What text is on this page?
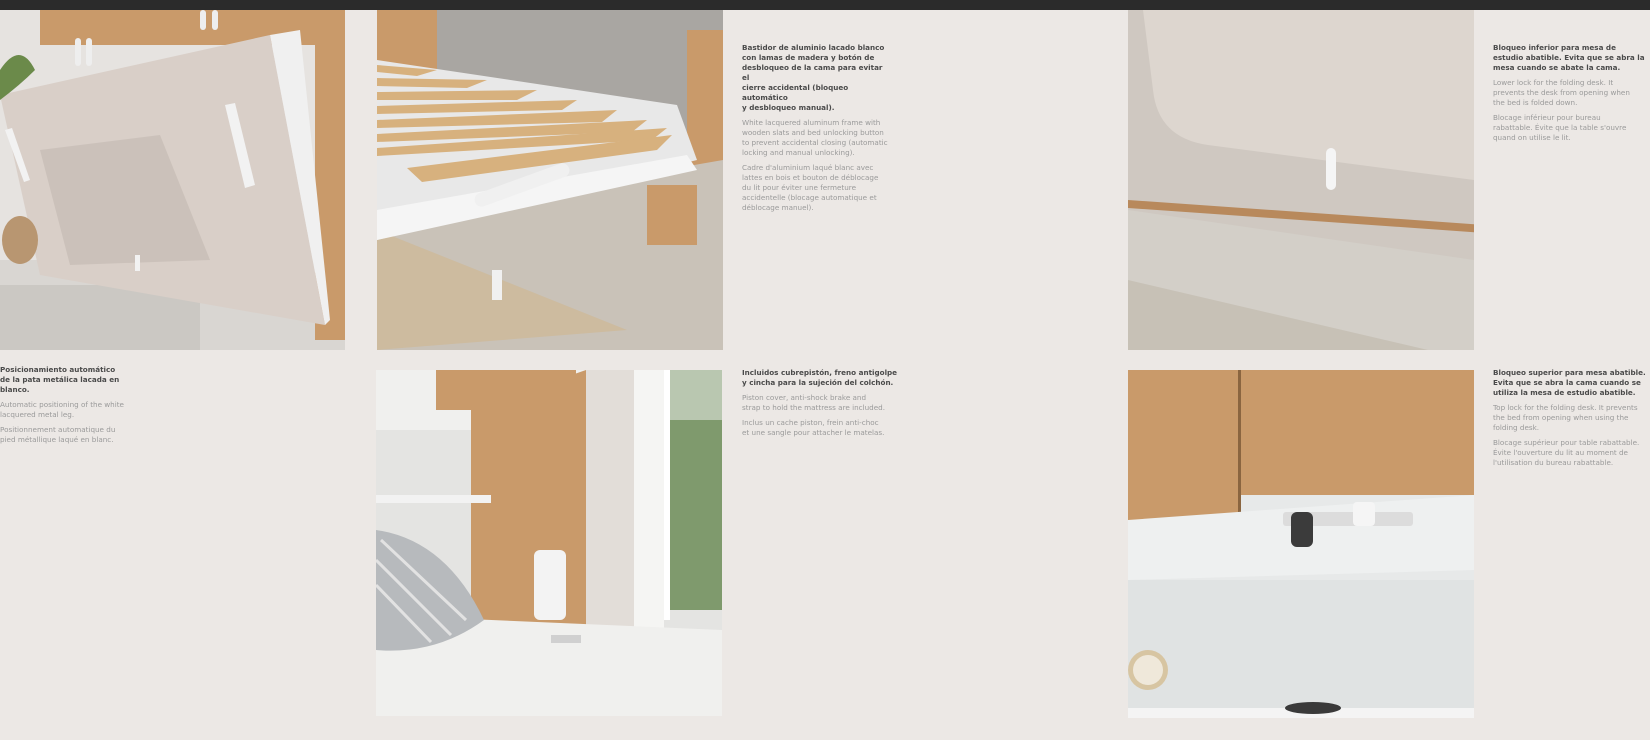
Bastidor de aluminio lacado blanco
con lamas de madera y botón de
desbloqueo de la cama para evitar el
cierre accidental (bloqueo automático
y desbloqueo manual).
White lacquered aluminum frame with
wooden slats and bed unlocking button
to prevent accidental closing (automatic
locking and manual unlocking).
Cadre d'aluminium laqué blanc avec
lattes en bois et bouton de déblocage
du lit pour éviter une fermeture
accidentelle (blocage automatique et
déblocage manuel).
Bloqueo inferior para mesa de
estudio abatible. Evita que se abra la
mesa cuando se abate la cama.
Lower lock for the folding desk. It
prevents the desk from opening when
the bed is folded down.
Blocage inférieur pour bureau
rabattable. Évite que la table s'ouvre
quand on utilise le lit.
Posicionamiento automático
de la pata metálica lacada en blanco.
Automatic positioning of the white
lacquered metal leg.
Positionnement automatique du
pied métallique laqué en blanc.
Incluidos cubrepistón, freno antigolpe
y cincha para la sujeción del colchón.
Piston cover, anti-shock brake and
strap to hold the mattress are included.
Inclus un cache piston, frein anti-choc
et une sangle pour attacher le matelas.
Bloqueo superior para mesa abatible.
Evita que se abra la cama cuando se
utiliza la mesa de estudio abatible.
Top lock for the folding desk. It prevents
the bed from opening when using the
folding desk.
Blocage supérieur pour table rabattable.
Évite l'ouverture du lit au moment de
l'utilisation du bureau rabattable.
